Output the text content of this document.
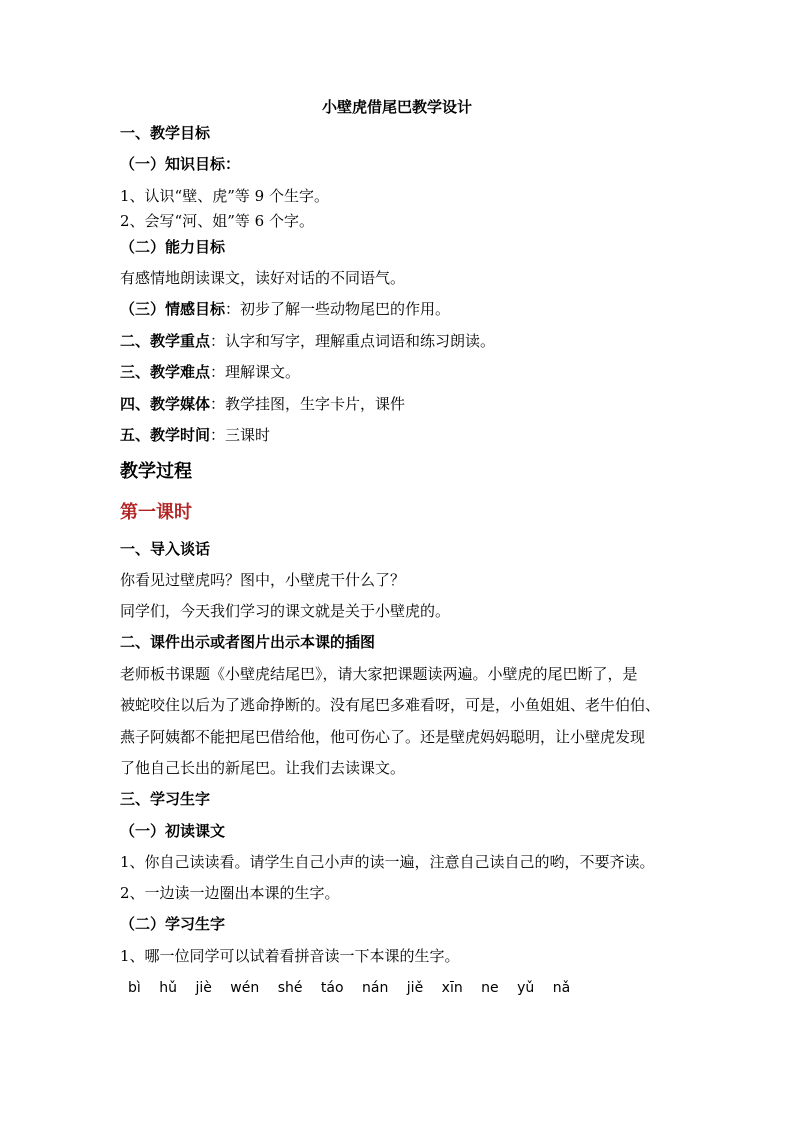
小壁虎借尾巴教学设计
一、教学目标
（一）知识目标：
1、认识“壁、虎”等 9 个生字。
2、会写“河、姐”等 6 个字。
（二）能力目标
有感情地朗读课文，读好对话的不同语气。
（三）情感目标：初步了解一些动物尾巴的作用。
二、教学重点：认字和写字，理解重点词语和练习朗读。
三、教学难点：理解课文。
四、教学媒体：教学挂图，生字卡片，课件
五、教学时间：三课时
教学过程
第一课时
一、导入谈话
你看见过壁虎吗？图中，小壁虎干什么了？
同学们，今天我们学习的课文就是关于小壁虎的。
二、课件出示或者图片出示本课的插图
老师板书课题《小壁虎结尾巴》，请大家把课题读两遍。小壁虎的尾巴断了，是
被蛇咬住以后为了逃命挣断的。没有尾巴多难看呀，可是，小鱼姐姐、老牛伯伯、
燕子阿姨都不能把尾巴借给他，他可伤心了。还是壁虎妈妈聪明，让小壁虎发现
了他自己长出的新尾巴。让我们去读课文。
三、学习生字
（一）初读课文
1、你自己读读看。请学生自己小声的读一遍，注意自己读自己的哟，不要齐读。
2、一边读一边圈出本课的生字。
（二）学习生字
1、哪一位同学可以试着看拼音读一下本课的生字。
bì hǔ jiè wén shé táo nán jiě xīn ne yǔ nǎ
